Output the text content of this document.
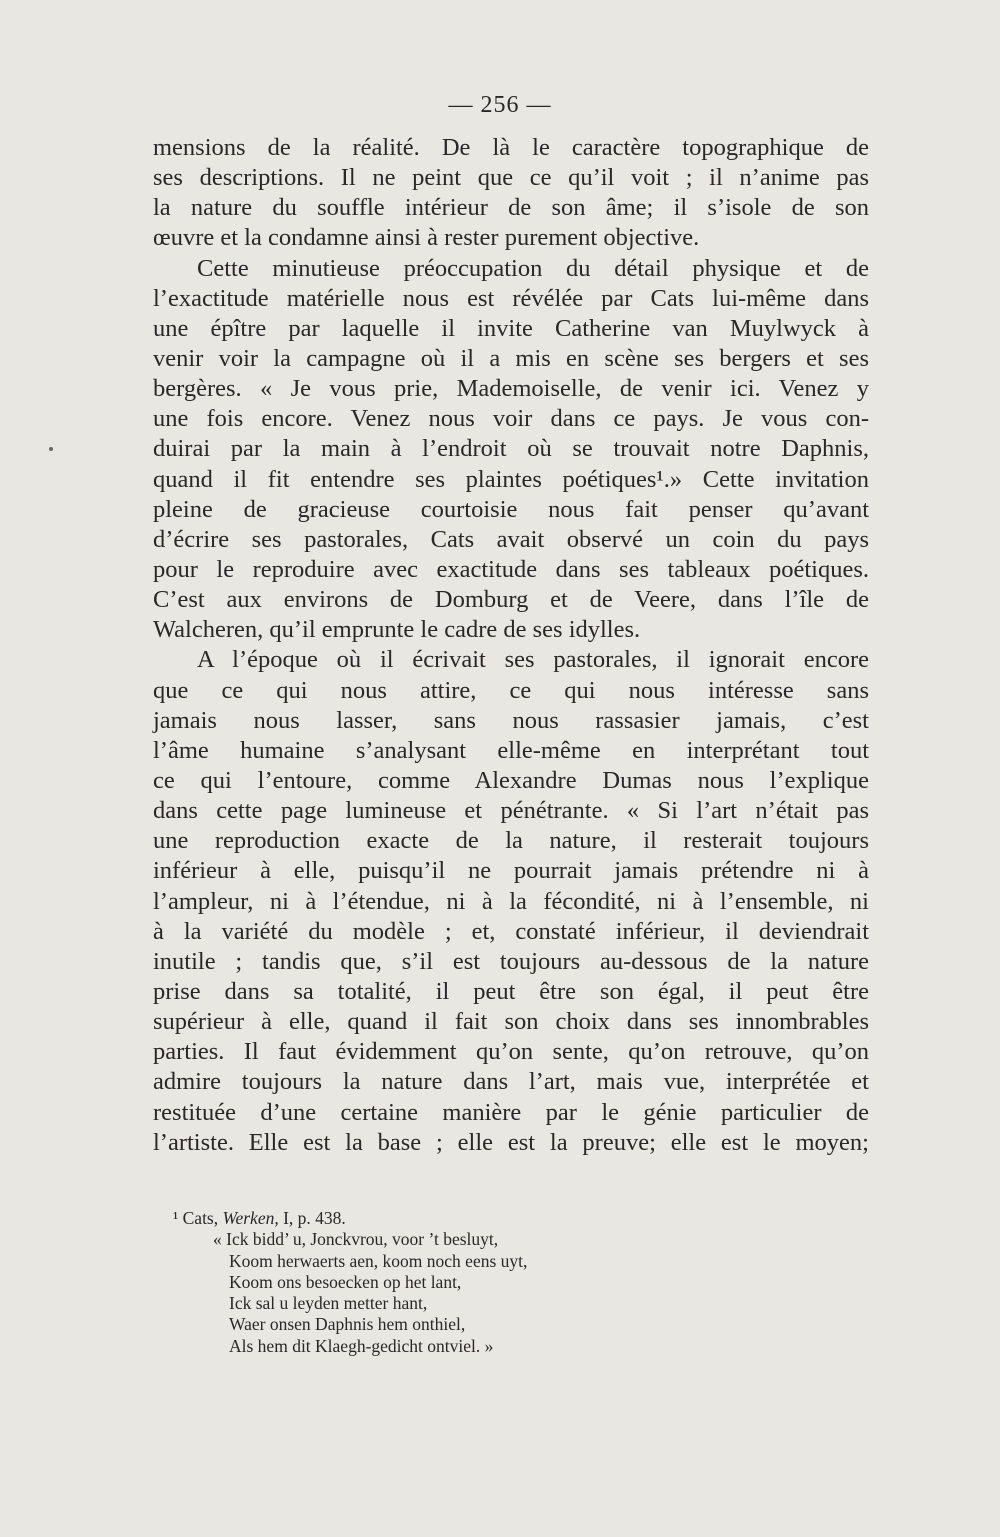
— 256 —
mensions de la réalité. De là le caractère topographique de
ses descriptions. Il ne peint que ce qu’il voit ; il n’anime pas
la nature du souffle intérieur de son âme; il s’isole de son
œuvre et la condamne ainsi à rester purement objective.
Cette minutieuse préoccupation du détail physique et de
l’exactitude matérielle nous est révélée par Cats lui-même dans
une épître par laquelle il invite Catherine van Muylwyck à
venir voir la campagne où il a mis en scène ses bergers et ses
bergères. « Je vous prie, Mademoiselle, de venir ici. Venez y
une fois encore. Venez nous voir dans ce pays. Je vous con-
duirai par la main à l’endroit où se trouvait notre Daphnis,
quand il fit entendre ses plaintes poétiques¹.» Cette invitation
pleine de gracieuse courtoisie nous fait penser qu’avant
d’écrire ses pastorales, Cats avait observé un coin du pays
pour le reproduire avec exactitude dans ses tableaux poétiques.
C’est aux environs de Domburg et de Veere, dans l’île de
Walcheren, qu’il emprunte le cadre de ses idylles.
A l’époque où il écrivait ses pastorales, il ignorait encore
que ce qui nous attire, ce qui nous intéresse sans
jamais nous lasser, sans nous rassasier jamais, c’est
l’âme humaine s’analysant elle-même en interprétant tout
ce qui l’entoure, comme Alexandre Dumas nous l’explique
dans cette page lumineuse et pénétrante. « Si l’art n’était pas
une reproduction exacte de la nature, il resterait toujours
inférieur à elle, puisqu’il ne pourrait jamais prétendre ni à
l’ampleur, ni à l’étendue, ni à la fécondité, ni à l’ensemble, ni
à la variété du modèle ; et, constaté inférieur, il deviendrait
inutile ; tandis que, s’il est toujours au-dessous de la nature
prise dans sa totalité, il peut être son égal, il peut être
supérieur à elle, quand il fait son choix dans ses innombrables
parties. Il faut évidemment qu’on sente, qu’on retrouve, qu’on
admire toujours la nature dans l’art, mais vue, interprétée et
restituée d’une certaine manière par le génie particulier de
l’artiste. Elle est la base ; elle est la preuve; elle est le moyen;
¹ Cats, Werken, I, p. 438.
« Ick bidd’ u, Jonckvrou, voor ’t besluyt,
Koom herwaerts aen, koom noch eens uyt,
Koom ons besoecken op het lant,
Ick sal u leyden metter hant,
Waer onsen Daphnis hem onthiel,
Als hem dit Klaegh-gedicht ontviel. »
